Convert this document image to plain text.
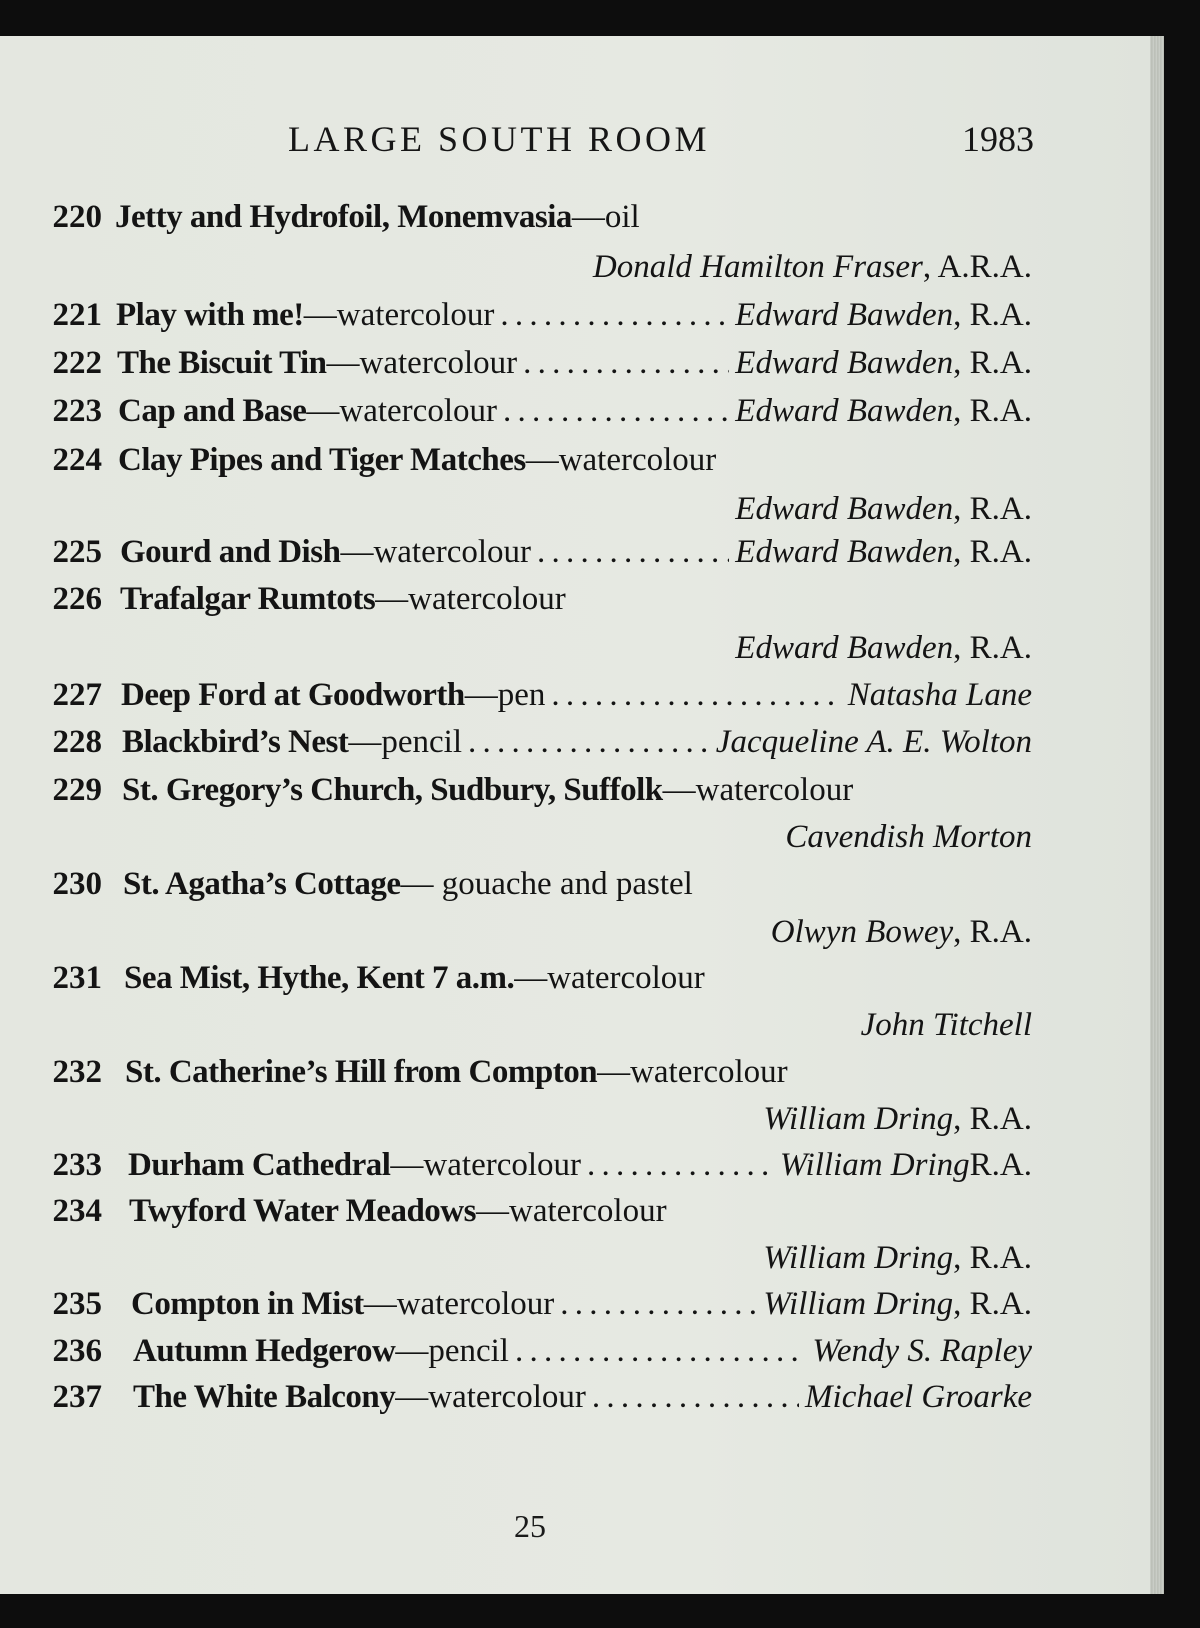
LARGE SOUTH ROOM	1983
220 Jetty and Hydrofoil, Monemvasia —oil
Donald Hamilton Fraser, A.R.A.
221 Play with me! —watercolour . . .	Edward Bawden , R.A.
222 The Biscuit Tin —watercolour . . .	Edward Bawden , R.A.
223 Cap and Base —watercolour . . .	Edward Bawden , R.A.
224 Clay Pipes and Tiger Matches —watercolour
Edward Bawden, R.A.
225 Gourd and Dish —watercolour . . .	Edward Bawden , R.A.
226 Trafalgar Rumtots —watercolour
Edward Bawden, R.A.
227 Deep Ford at Goodworth —pen . . .	Natasha Lane
228 Blackbird’s Nest —pencil . . .	Jacqueline A. E. Wolton
229 St. Gregory’s Church, Sudbury, Suffolk —watercolour
Cavendish Morton
230 St. Agatha’s Cottage — gouache and pastel
Olwyn Bowey, R.A.
231 Sea Mist, Hythe, Kent 7 a.m. —watercolour
John Titchell
232 St. Catherine’s Hill from Compton —watercolour
William Dring, R.A.
233 Durham Cathedral —watercolour . . .	William Dring R.A.
234 Twyford Water Meadows —watercolour
William Dring, R.A.
235 Compton in Mist —watercolour . . .	William Dring , R.A.
236 Autumn Hedgerow —pencil . . .	Wendy S. Rapley
237 The White Balcony —watercolour . . .	Michael Groarke
25
